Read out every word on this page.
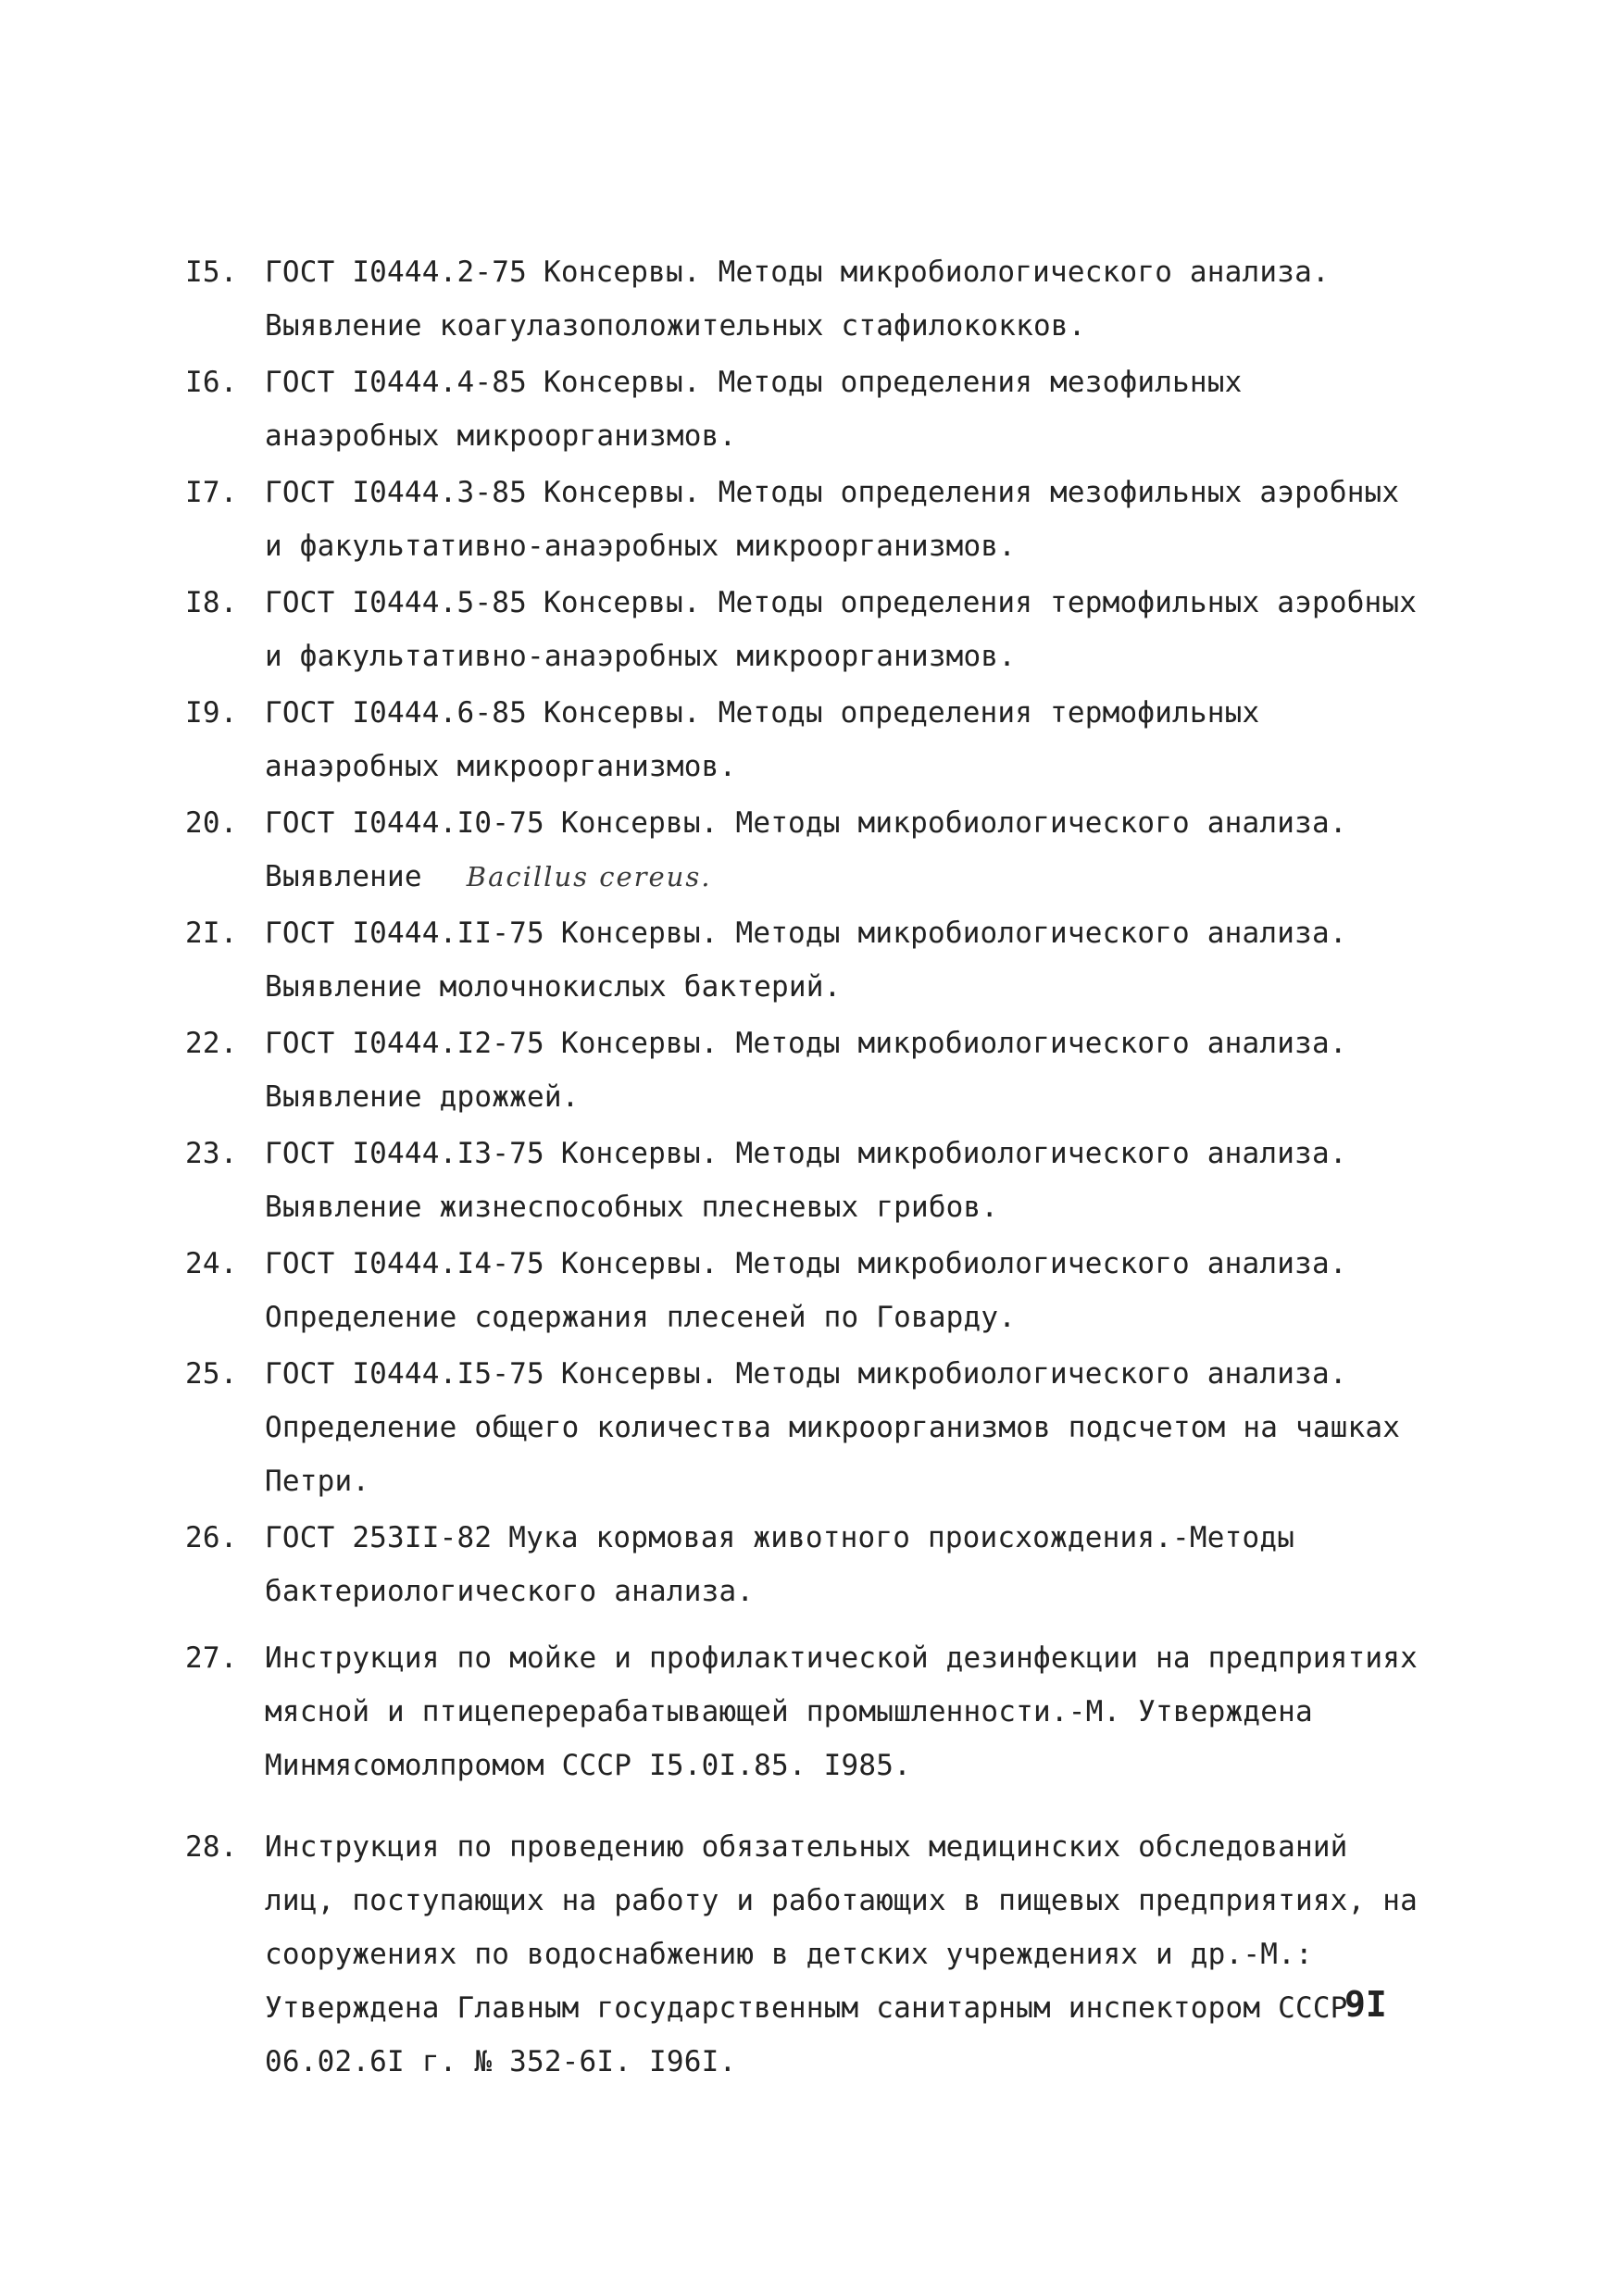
I5. ГОСТ I0444.2-75 Консервы. Методы микробиологического анализа. Выявление коагулазоположительных стафилококков.
I6. ГОСТ I0444.4-85 Консервы. Методы определения мезофильных анаэробных микроорганизмов.
I7. ГОСТ I0444.3-85 Консервы. Методы определения мезофильных аэробных и факультативно-анаэробных микроорганизмов.
I8. ГОСТ I0444.5-85 Консервы. Методы определения термофильных аэробных и факультативно-анаэробных микроорганизмов.
I9. ГОСТ I0444.6-85 Консервы. Методы определения термофильных анаэробных микроорганизмов.
20. ГОСТ I0444.I0-75 Консервы. Методы микробиологического анализа. Выявление Bacillus cereus.
2I. ГОСТ I0444.II-75 Консервы. Методы микробиологического анализа. Выявление молочнокислых бактерий.
22. ГОСТ I0444.I2-75 Консервы. Методы микробиологического анализа. Выявление дрожжей.
23. ГОСТ I0444.I3-75 Консервы. Методы микробиологического анализа. Выявление жизнеспособных плесневых грибов.
24. ГОСТ I0444.I4-75 Консервы. Методы микробиологического анализа. Определение содержания плесеней по Говарду.
25. ГОСТ I0444.I5-75 Консервы. Методы микробиологического анализа. Определение общего количества микроорганизмов подсчетом на чашках Петри.
26. ГОСТ 253II-82 Мука кормовая животного происхождения.-Методы бактериологического анализа.
27. Инструкция по мойке и профилактической дезинфекции на предприятиях мясной и птицеперерабатывающей промышленности.-М. Утверждена Минмясомолпромом СССР I5.0I.85. I985.
28. Инструкция по проведению обязательных медицинских обследований лиц, поступающих на работу и работающих в пищевых предприятиях, на сооружениях по водоснабжению в детских учреждениях и др.-М.: Утверждена Главным государственным санитарным инспектором СССР 06.02.6I г. № 352-6I. I96I.
9I
